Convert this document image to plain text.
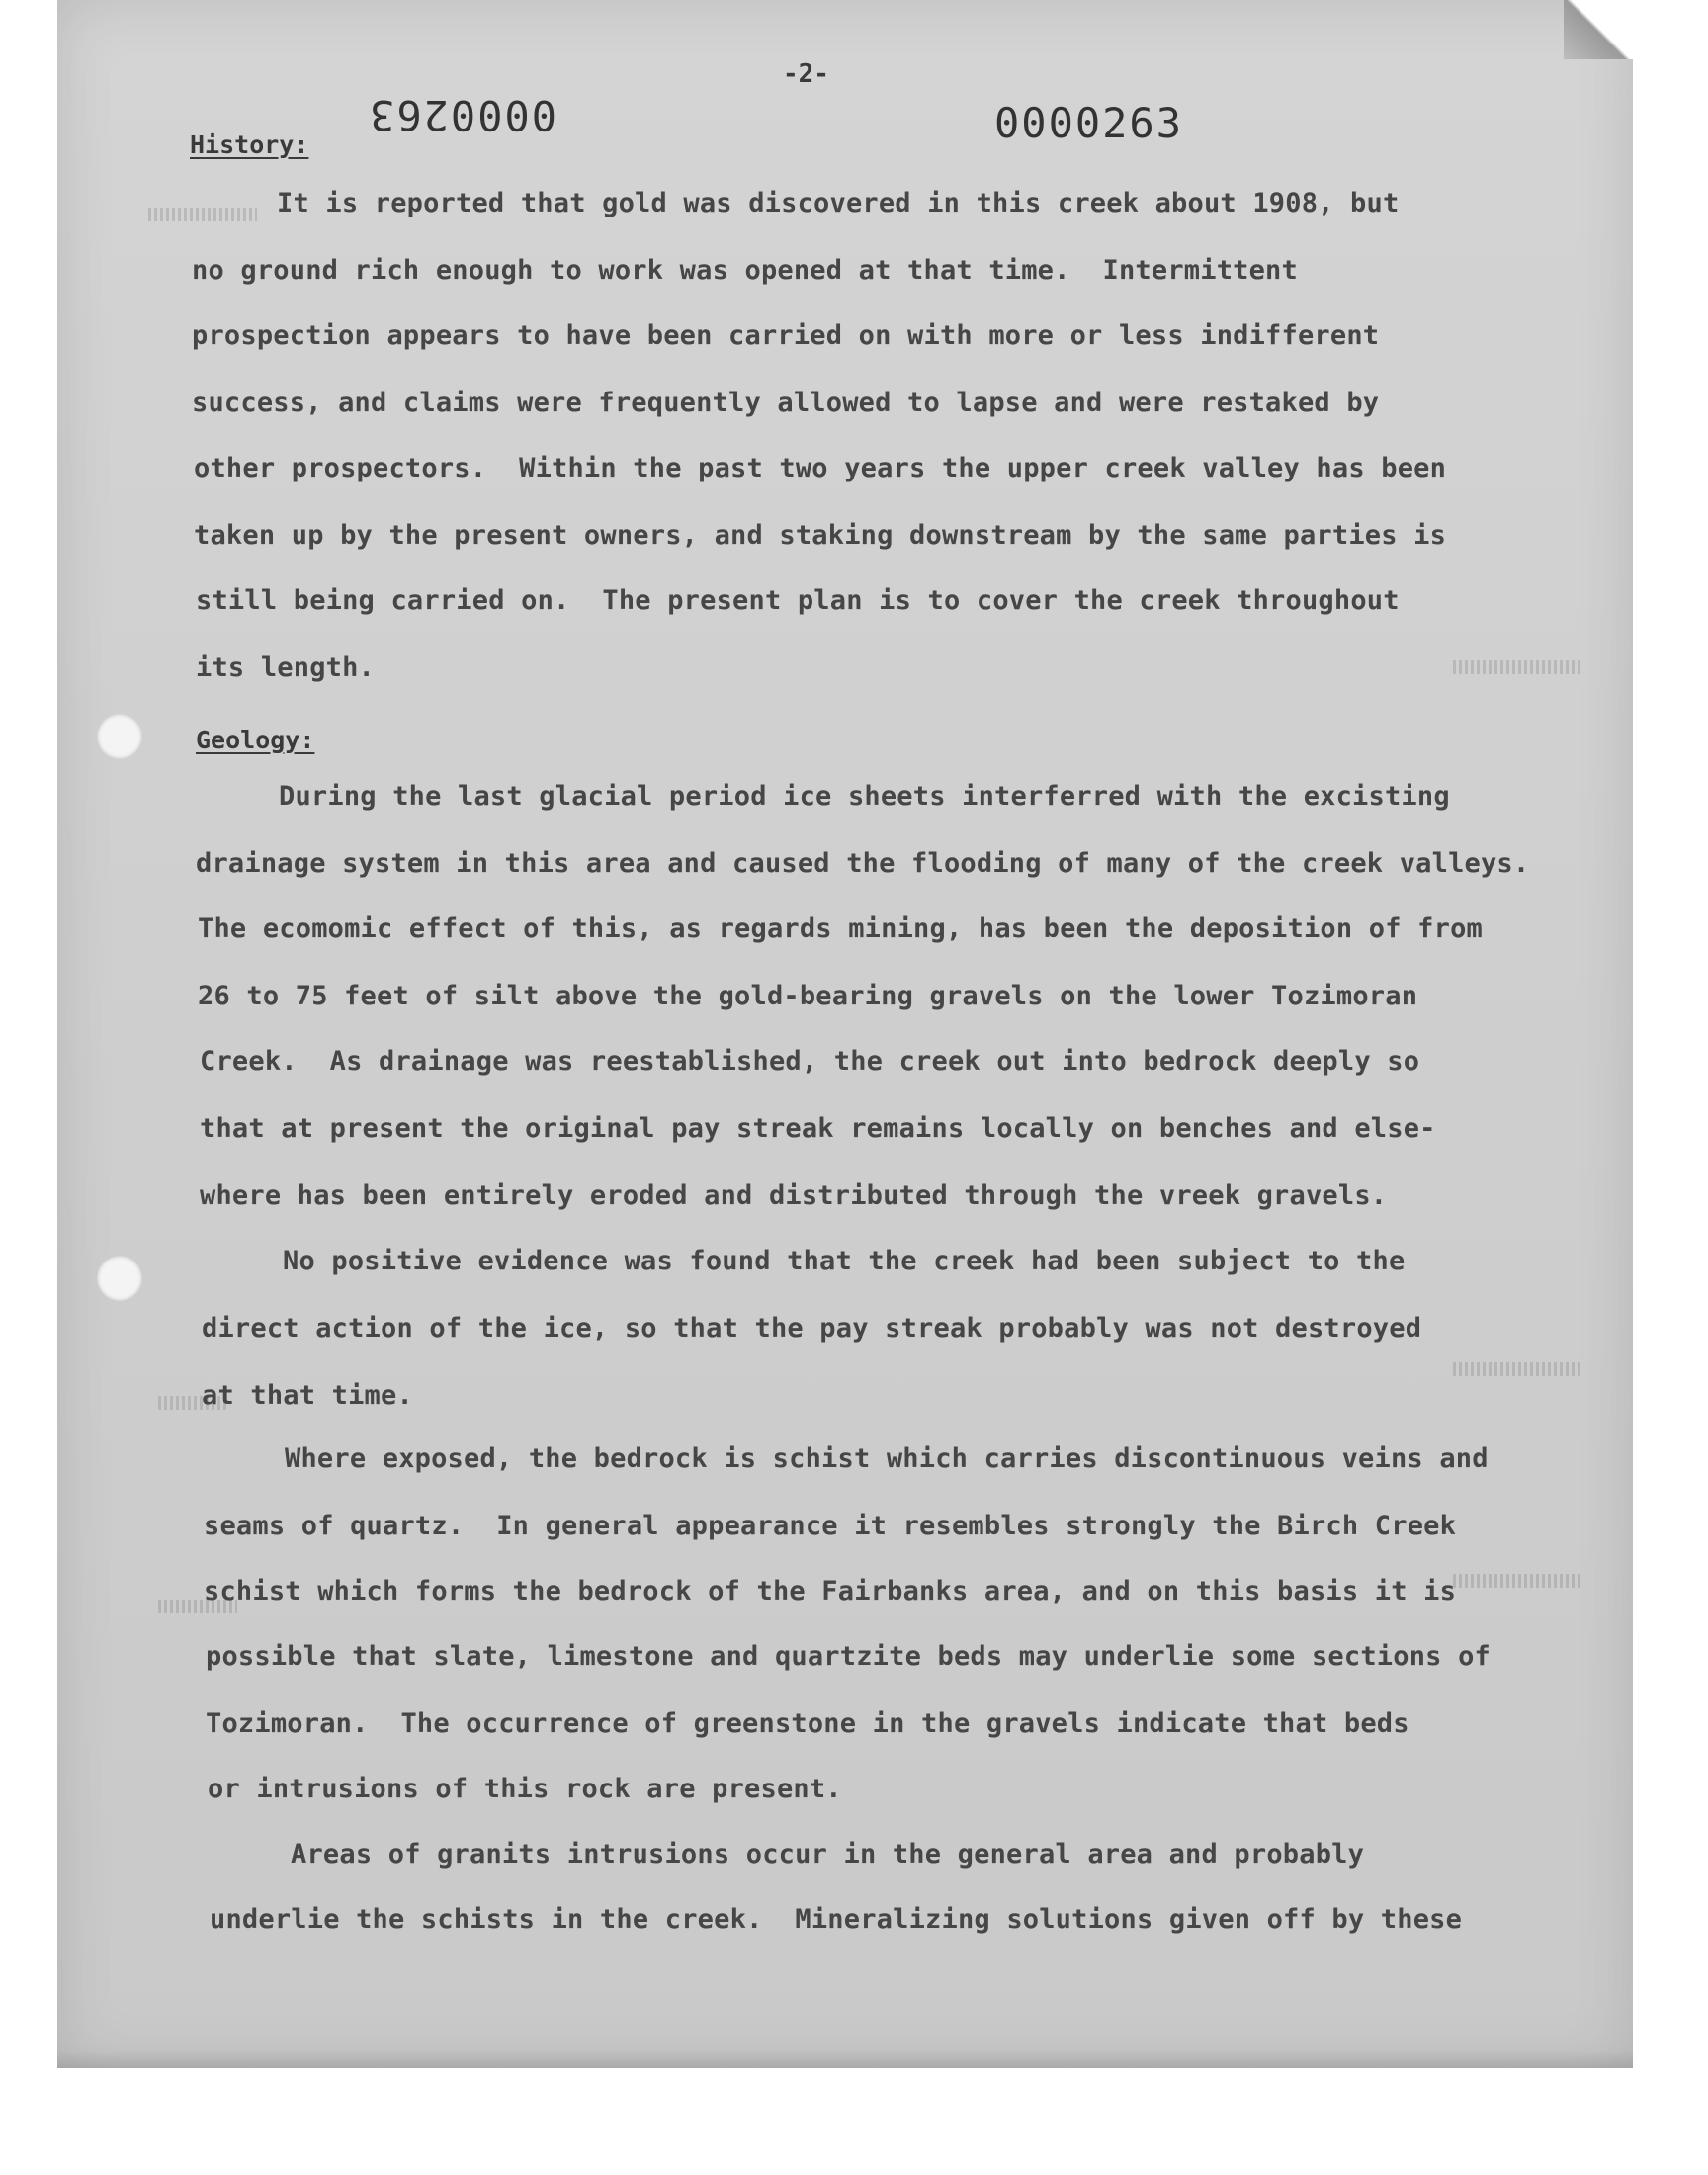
-2-
0000263	0000263
History:
It is reported that gold was discovered in this creek about 1908, but
no ground rich enough to work was opened at that time.  Intermittent
prospection appears to have been carried on with more or less indifferent
success, and claims were frequently allowed to lapse and were restaked by
other prospectors.  Within the past two years the upper creek valley has been
taken up by the present owners, and staking downstream by the same parties is
still being carried on.  The present plan is to cover the creek throughout
its length.
Geology:
During the last glacial period ice sheets interferred with the excisting
drainage system in this area and caused the flooding of many of the creek valleys.
The ecomomic effect of this, as regards mining, has been the deposition of from
26 to 75 feet of silt above the gold-bearing gravels on the lower Tozimoran
Creek.  As drainage was reestablished, the creek out into bedrock deeply so
that at present the original pay streak remains locally on benches and else-
where has been entirely eroded and distributed through the vreek gravels.
No positive evidence was found that the creek had been subject to the
direct action of the ice, so that the pay streak probably was not destroyed
at that time.
Where exposed, the bedrock is schist which carries discontinuous veins and
seams of quartz.  In general appearance it resembles strongly the Birch Creek
schist which forms the bedrock of the Fairbanks area, and on this basis it is
possible that slate, limestone and quartzite beds may underlie some sections of
Tozimoran.  The occurrence of greenstone in the gravels indicate that beds
or intrusions of this rock are present.
Areas of granits intrusions occur in the general area and probably
underlie the schists in the creek.  Mineralizing solutions given off by these
